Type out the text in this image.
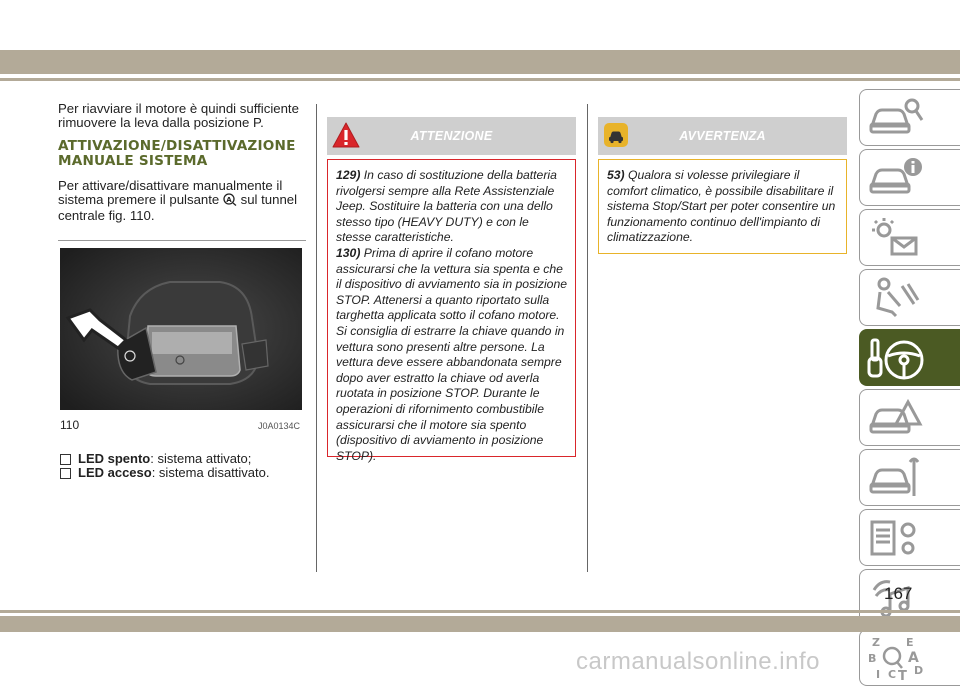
Per riavviare il motore è quindi sufficiente rimuovere la leva dalla posizione P.

ATTIVAZIONE/DISATTIVAZIONE MANUALE SISTEMA

Per attivare/disattivare manualmente il sistema premere il pulsante A sul tunnel centrale fig. 110.

110	J0A0134C
LED spento: sistema attivato;
LED acceso: sistema disattivato.
ATTENZIONE
129) In caso di sostituzione della batteria rivolgersi sempre alla Rete Assistenziale Jeep. Sostituire la batteria con una dello stesso tipo (HEAVY DUTY) e con le stesse caratteristiche.
130) Prima di aprire il cofano motore assicurarsi che la vettura sia spenta e che il dispositivo di avviamento sia in posizione STOP. Attenersi a quanto riportato sulla targhetta applicata sotto il cofano motore. Si consiglia di estrarre la chiave quando in vettura sono presenti altre persone. La vettura deve essere abbandonata sempre dopo aver estratto la chiave od averla ruotata in posizione STOP. Durante le operazioni di rifornimento combustibile assicurarsi che il motore sia spento (dispositivo di avviamento in posizione STOP).
AVVERTENZA
53) Qualora si volesse privilegiare il comfort climatico, è possibile disabilitare il sistema Stop/Start per poter consentire un funzionamento continuo dell'impianto di climatizzazione.
Z E
B A
I C T D
167
carmanualsonline.info
